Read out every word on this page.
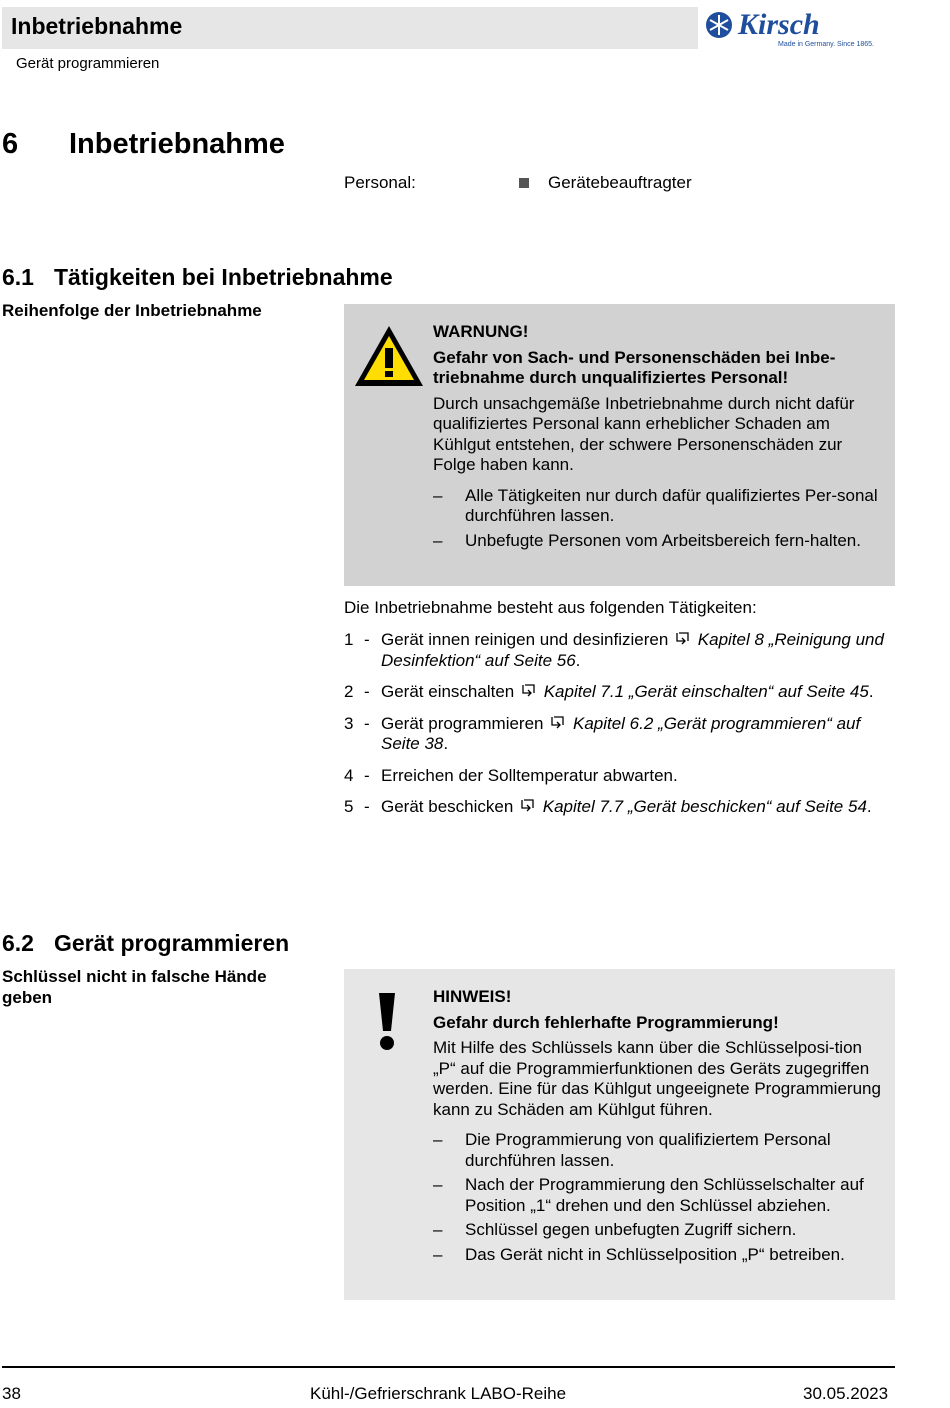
Inbetriebnahme
Gerät programmieren
Kirsch
Made in Germany. Since 1865.
6 Inbetriebnahme
Personal:	Gerätebeauftragter
6.1 Tätigkeiten bei Inbetriebnahme
Reihenfolge der Inbetriebnahme

WARNUNG!

Gefahr von Sach- und Personenschäden bei Inbe-triebnahme durch unqualifiziertes Personal!

Durch unsachgemäße Inbetriebnahme durch nicht dafür qualifiziertes Personal kann erheblicher Schaden am Kühlgut entstehen, der schwere Personenschäden zur Folge haben kann.

– Alle Tätigkeiten nur durch dafür qualifiziertes Per-sonal durchführen lassen.
– Unbefugte Personen vom Arbeitsbereich fern-halten.
Die Inbetriebnahme besteht aus folgenden Tätigkeiten:
1 - Gerät innen reinigen und desinfizieren Kapitel 8 „Reinigung und Desinfektion“ auf Seite 56.
2 - Gerät einschalten Kapitel 7.1 „Gerät einschalten“ auf Seite 45.
3 - Gerät programmieren Kapitel 6.2 „Gerät programmieren“ auf Seite 38.
4 - Erreichen der Solltemperatur abwarten.
5 - Gerät beschicken Kapitel 7.7 „Gerät beschicken“ auf Seite 54.
6.2 Gerät programmieren
Schlüssel nicht in falsche Hände geben	HINWEIS!

Gefahr durch fehlerhafte Programmierung!

Mit Hilfe des Schlüssels kann über die Schlüsselposi-tion „P“ auf die Programmierfunktionen des Geräts zugegriffen werden. Eine für das Kühlgut ungeeignete Programmierung kann zu Schäden am Kühlgut führen.

– Die Programmierung von qualifiziertem Personal durchführen lassen.
– Nach der Programmierung den Schlüsselschalter auf Position „1“ drehen und den Schlüssel abziehen.
– Schlüssel gegen unbefugten Zugriff sichern.
– Das Gerät nicht in Schlüsselposition „P“ betreiben.
38	Kühl-/Gefrierschrank LABO-Reihe	30.05.2023
